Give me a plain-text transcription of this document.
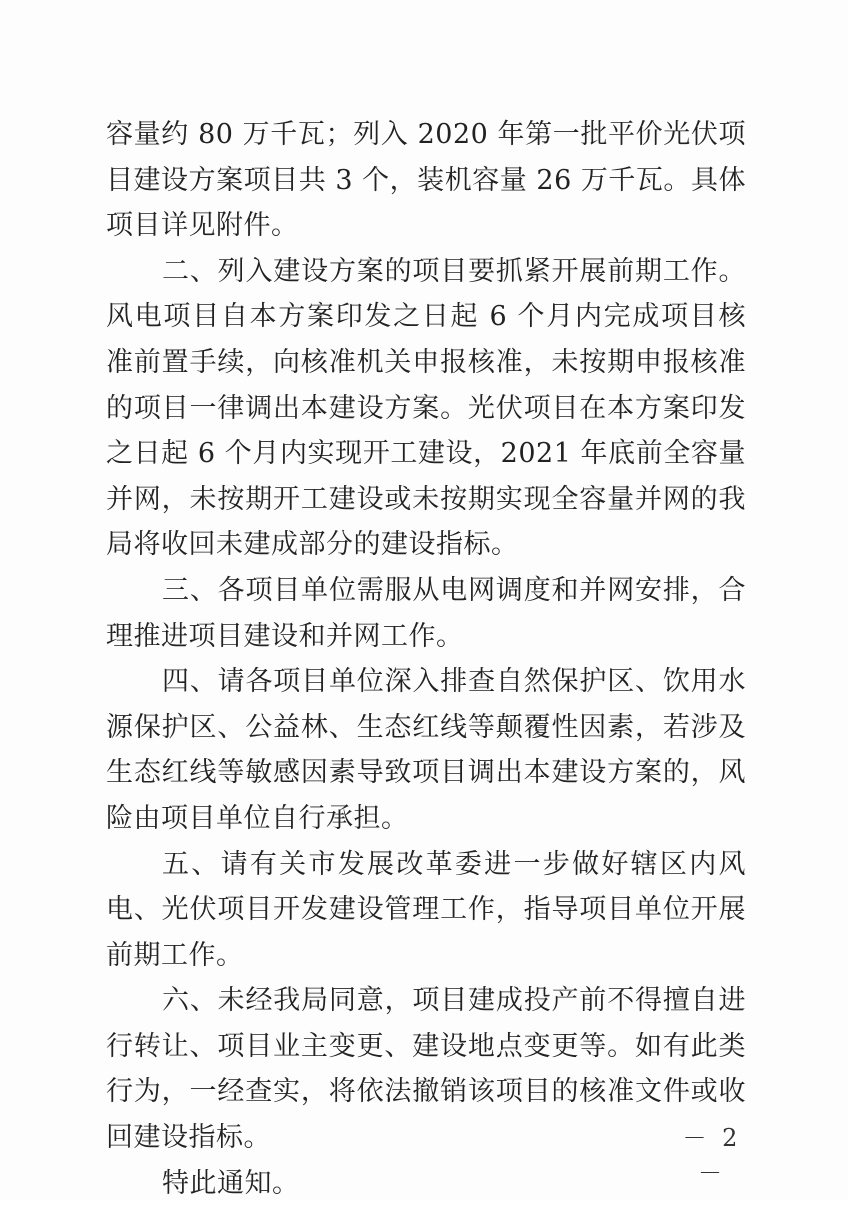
容量约 80 万千瓦；列入 2020 年第一批平价光伏项目建设方案项目共 3 个，装机容量 26 万千瓦。具体项目详见附件。

二、列入建设方案的项目要抓紧开展前期工作。风电项目自本方案印发之日起 6 个月内完成项目核准前置手续，向核准机关申报核准，未按期申报核准的项目一律调出本建设方案。光伏项目在本方案印发之日起 6 个月内实现开工建设，2021 年底前全容量并网，未按期开工建设或未按期实现全容量并网的我局将收回未建成部分的建设指标。

三、各项目单位需服从电网调度和并网安排，合理推进项目建设和并网工作。

四、请各项目单位深入排查自然保护区、饮用水源保护区、公益林、生态红线等颠覆性因素，若涉及生态红线等敏感因素导致项目调出本建设方案的，风险由项目单位自行承担。

五、请有关市发展改革委进一步做好辖区内风电、光伏项目开发建设管理工作，指导项目单位开展前期工作。

六、未经我局同意，项目建成投产前不得擅自进行转让、项目业主变更、建设地点变更等。如有此类行为，一经查实，将依法撤销该项目的核准文件或收回建设指标。

特此通知。

－ 2 －
